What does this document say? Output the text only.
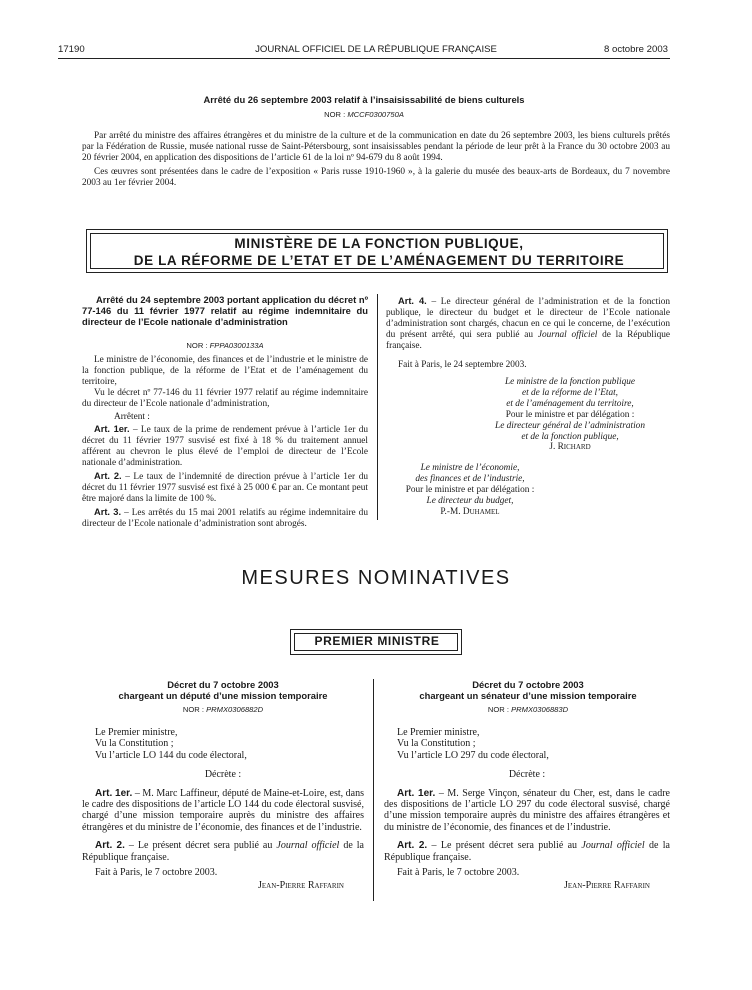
17190	JOURNAL OFFICIEL DE LA RÉPUBLIQUE FRANÇAISE	8 octobre 2003
Arrêté du 26 septembre 2003 relatif à l’insaisissabilité de biens culturels
NOR : MCCF0300750A

Par arrêté du ministre des affaires étrangères et du ministre de la culture et de la communication en date du 26 septembre 2003, les biens culturels prêtés par la Fédération de Russie, musée national russe de Saint-Pétersbourg, sont insaisissables pendant la période de leur prêt à la France du 30 octobre 2003 au 20 février 2004, en application des dispositions de l’article 61 de la loi nº 94-679 du 8 août 1994.

Ces œuvres sont présentées dans le cadre de l’exposition « Paris russe 1910-1960 », à la galerie du musée des beaux-arts de Bordeaux, du 7 novembre 2003 au 1er février 2004.

MINISTÈRE DE LA FONCTION PUBLIQUE,
DE LA RÉFORME DE L’ETAT ET DE L’AMÉNAGEMENT DU TERRITOIRE
Arrêté du 24 septembre 2003 portant application du décret nº 77-146 du 11 février 1977 relatif au régime indemnitaire du directeur de l’Ecole nationale d’administration
NOR : FPPA0300133A

Le ministre de l’économie, des finances et de l’industrie et le ministre de la fonction publique, de la réforme de l’Etat et de l’aménagement du territoire,

Vu le décret nº 77-146 du 11 février 1977 relatif au régime indemnitaire du directeur de l’Ecole nationale d’administration,

Arrêtent :

Art. 1er. – Le taux de la prime de rendement prévue à l’article 1er du décret du 11 février 1977 susvisé est fixé à 18 % du traitement annuel afférent au chevron le plus élevé de l’emploi de directeur de l’Ecole nationale d’administration.

Art. 2. – Le taux de l’indemnité de direction prévue à l’article 1er du décret du 11 février 1977 susvisé est fixé à 25 000 € par an. Ce montant peut être majoré dans la limite de 100 %.

Art. 3. – Les arrêtés du 15 mai 2001 relatifs au régime indemnitaire du directeur de l’Ecole nationale d’administration sont abrogés.

Art. 4. – Le directeur général de l’administration et de la fonction publique, le directeur du budget et le directeur de l’Ecole nationale d’administration sont chargés, chacun en ce qui le concerne, de l’exécution du présent arrêté, qui sera publié au Journal officiel de la République française.

Fait à Paris, le 24 septembre 2003.

Le ministre de la fonction publique
et de la réforme de l’Etat,
et de l’aménagement du territoire,
Pour le ministre et par délégation :
Le directeur général de l’administration
et de la fonction publique,
J. Richard
Le ministre de l’économie,
des finances et de l’industrie,
Pour le ministre et par délégation :
Le directeur du budget,
P.-M. Duhamel
MESURES NOMINATIVES
PREMIER MINISTRE
Décret du 7 octobre 2003
chargeant un député d’une mission temporaire
NOR : PRMX0306882D

Le Premier ministre,

Vu la Constitution ;

Vu l’article LO 144 du code électoral,

Décrète :

Art. 1er. – M. Marc Laffineur, député de Maine-et-Loire, est, dans le cadre des dispositions de l’article LO 144 du code électoral susvisé, chargé d’une mission temporaire auprès du ministre des affaires étrangères et du ministre de l’économie, des finances et de l’industrie.

Art. 2. – Le présent décret sera publié au Journal officiel de la République française.

Fait à Paris, le 7 octobre 2003.

Jean-Pierre Raffarin

Décret du 7 octobre 2003
chargeant un sénateur d’une mission temporaire
NOR : PRMX0306883D

Le Premier ministre,

Vu la Constitution ;

Vu l’article LO 297 du code électoral,

Décrète :

Art. 1er. – M. Serge Vinçon, sénateur du Cher, est, dans le cadre des dispositions de l’article LO 297 du code électoral susvisé, chargé d’une mission temporaire auprès du ministre des affaires étrangères et du ministre de l’économie, des finances et de l’industrie.

Art. 2. – Le présent décret sera publié au Journal officiel de la République française.

Fait à Paris, le 7 octobre 2003.

Jean-Pierre Raffarin
